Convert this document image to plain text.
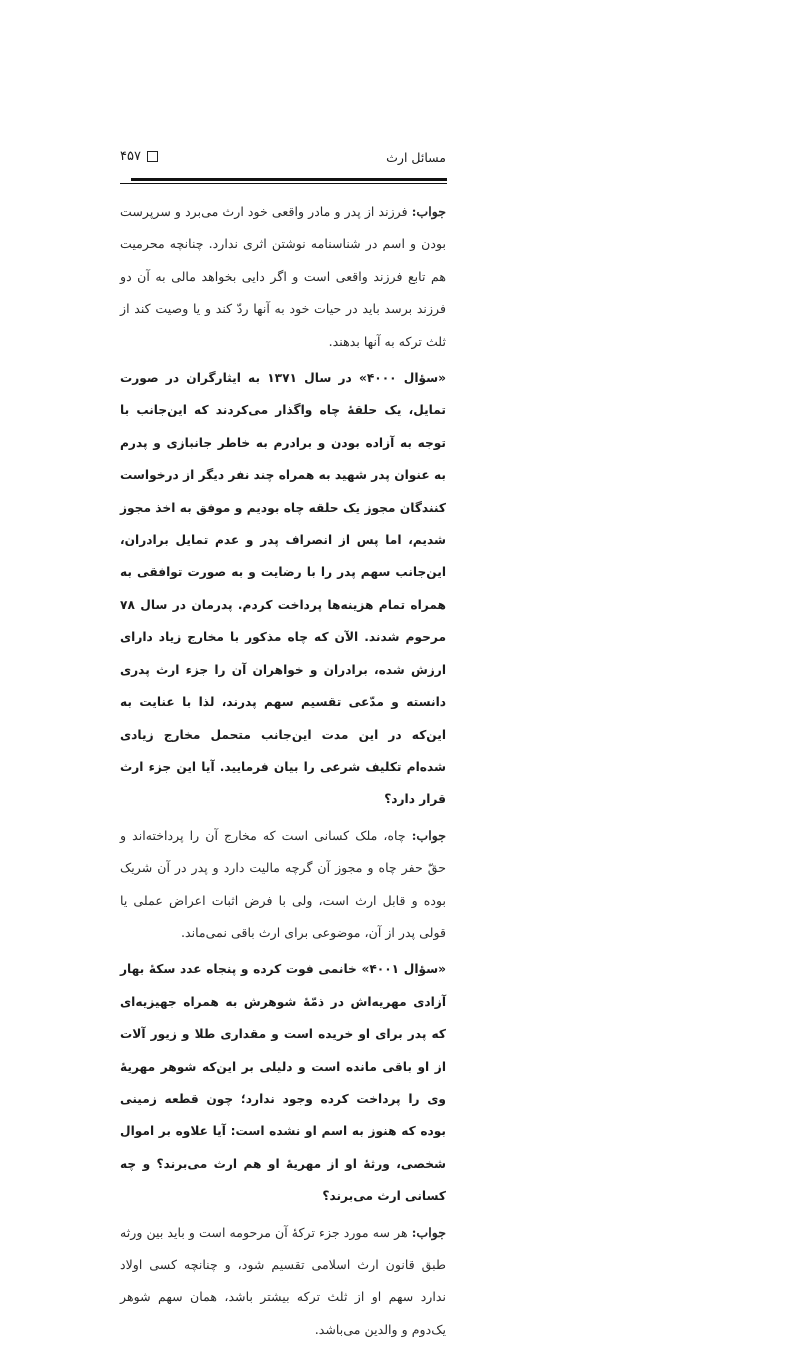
مسائل ارث
۴۵۷

جواب: فرزند از پدر و مادر واقعی خود ارث می‌برد و سرپرست بودن و اسم در شناسنامه نوشتن اثری ندارد. چنانچه محرمیت هم تابع فرزند واقعی است و اگر دایی بخواهد مالی به آن دو فرزند برسد باید در حیات خود به آنها ردّ کند و یا وصیت کند از ثلث ترکه به آنها بدهند.

«سؤال ۴۰۰۰» در سال ۱۳۷۱ به ایثارگران در صورت تمایل، یک حلقهٔ چاه واگذار می‌کردند که این‌جانب با توجه به آزاده بودن و برادرم به خاطر جانبازی و پدرم به عنوان پدر شهید به همراه چند نفر دیگر از درخواست کنندگان مجوز یک حلقه چاه بودیم و موفق به اخذ مجوز شدیم، اما پس از انصراف پدر و عدم تمایل برادران، این‌جانب سهم پدر را با رضایت و به صورت توافقی به همراه تمام هزینه‌ها پرداخت کردم. پدرمان در سال ۷۸ مرحوم شدند. الآن که چاه مذکور با مخارج زیاد دارای ارزش شده، برادران و خواهران آن را جزء ارث پدری دانسته و مدّعی تقسیم سهم پدرند، لذا با عنایت به این‌که در این مدت این‌جانب متحمل مخارج زیادی شده‌ام تکلیف شرعی را بیان فرمایید. آیا این جزء ارث قرار دارد؟

جواب: چاه، ملک کسانی است که مخارج آن را پرداخته‌اند و حقّ حفر چاه و مجوز آن گرچه مالیت دارد و پدر در آن شریک بوده و قابل ارث است، ولی با فرض اثبات اعراض عملی یا قولی پدر از آن، موضوعی برای ارث باقی نمی‌ماند.

«سؤال ۴۰۰۱» خانمی فوت کرده و پنجاه عدد سکهٔ بهار آزادی مهریه‌اش در ذمّهٔ شوهرش به همراه جهیزیه‌ای که پدر برای او خریده است و مقداری طلا و زیور آلات از او باقی مانده است و دلیلی بر این‌که شوهر مهریهٔ وی را پرداخت کرده وجود ندارد؛ چون قطعه زمینی بوده که هنوز به اسم او نشده است: آیا علاوه بر اموال شخصی، ورثهٔ او از مهریهٔ او هم ارث می‌برند؟ و چه کسانی ارث می‌برند؟

جواب: هر سه مورد جزء ترکهٔ آن مرحومه است و باید بین ورثه طبق قانون ارث اسلامی تقسیم شود، و چنانچه کسی اولاد ندارد سهم او از ثلث ترکه بیشتر باشد، همان سهم شوهر یک‌دوم و والدین می‌باشد.
